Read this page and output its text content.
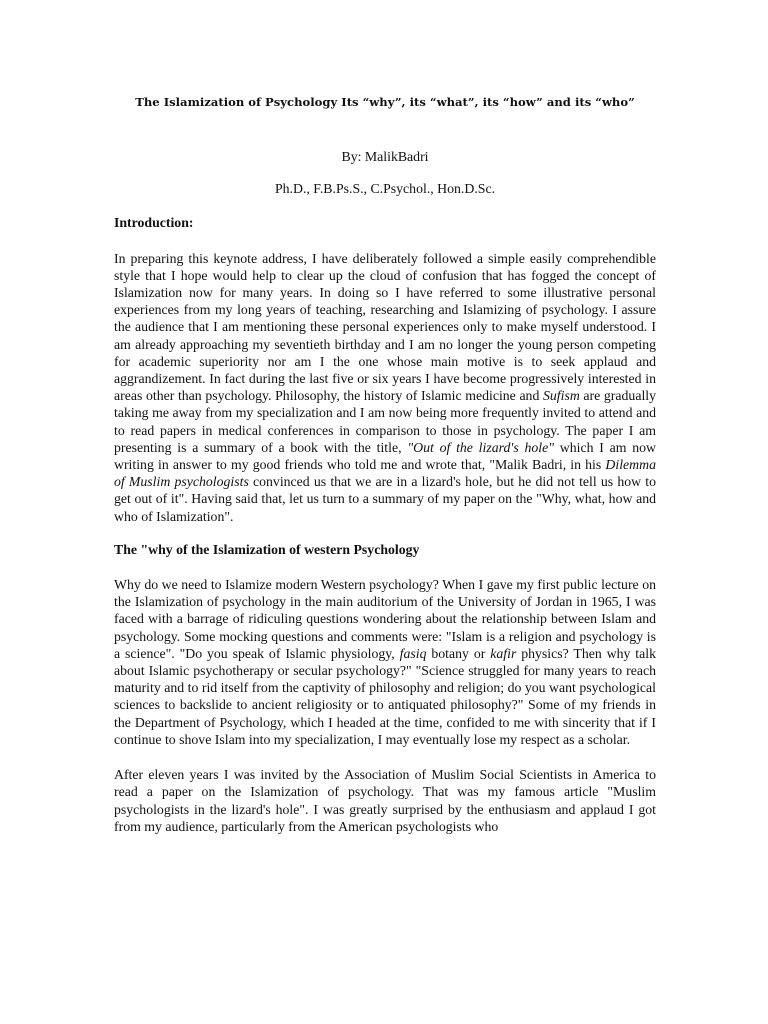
The Islamization of Psychology Its “why”, its “what”, its “how” and its “who”
By: MalikBadri
Ph.D., F.B.Ps.S., C.Psychol., Hon.D.Sc.
Introduction:

In preparing this keynote address, I have deliberately followed a simple easily comprehendible style that I hope would help to clear up the cloud of confusion that has fogged the concept of Islamization now for many years. In doing so I have referred to some illustrative personal experiences from my long years of teaching, researching and Islamizing of psychology. I assure the audience that I am mentioning these personal experiences only to make myself understood. I am already approaching my seventieth birthday and I am no longer the young person competing for academic superiority nor am I the one whose main motive is to seek applaud and aggrandizement. In fact during the last five or six years I have become progressively interested in areas other than psychology. Philosophy, the history of Islamic medicine and Sufism are gradually taking me away from my specialization and I am now being more frequently invited to attend and to read papers in medical conferences in comparison to those in psychology. The paper I am presenting is a summary of a book with the title, "Out of the lizard's hole" which I am now writing in answer to my good friends who told me and wrote that, "Malik Badri, in his Dilemma of Muslim psychologists convinced us that we are in a lizard's hole, but he did not tell us how to get out of it". Having said that, let us turn to a summary of my paper on the "Why, what, how and who of Islamization".

The "why of the Islamization of western Psychology

Why do we need to Islamize modern Western psychology? When I gave my first public lecture on the Islamization of psychology in the main auditorium of the University of Jordan in 1965, I was faced with a barrage of ridiculing questions wondering about the relationship between Islam and psychology. Some mocking questions and comments were: "Islam is a religion and psychology is a science". "Do you speak of Islamic physiology, fasiq botany or kafir physics? Then why talk about Islamic psychotherapy or secular psychology?" "Science struggled for many years to reach maturity and to rid itself from the captivity of philosophy and religion; do you want psychological sciences to backslide to ancient religiosity or to antiquated philosophy?" Some of my friends in the Department of Psychology, which I headed at the time, confided to me with sincerity that if I continue to shove Islam into my specialization, I may eventually lose my respect as a scholar.

After eleven years I was invited by the Association of Muslim Social Scientists in America to read a paper on the Islamization of psychology. That was my famous article "Muslim psychologists in the lizard's hole". I was greatly surprised by the enthusiasm and applaud I got from my audience, particularly from the American psychologists who
